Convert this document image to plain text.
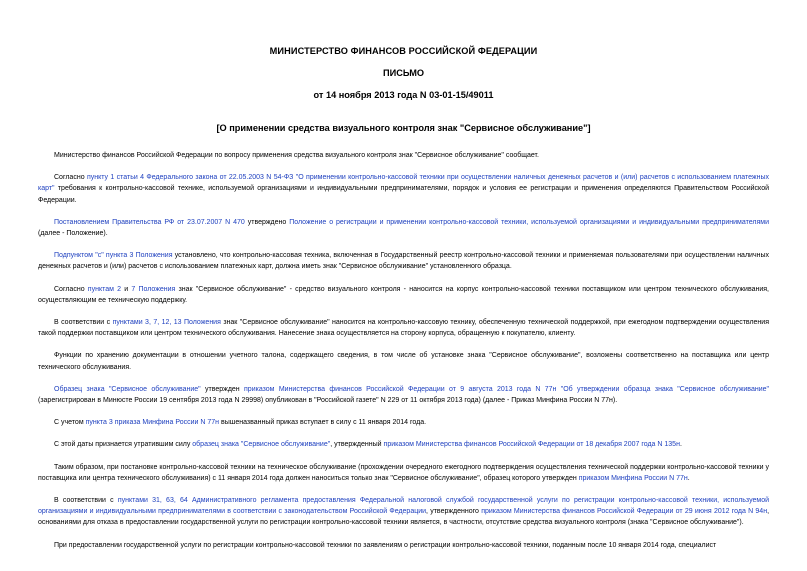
МИНИСТЕРСТВО ФИНАНСОВ РОССИЙСКОЙ ФЕДЕРАЦИИ
ПИСЬМО
от 14 ноября 2013 года N 03-01-15/49011
[О применении средства визуального контроля знак "Сервисное обслуживание"]

Министерство финансов Российской Федерации по вопросу применения средства визуального контроля знак "Сервисное обслуживание" сообщает.

Согласно пункту 1 статьи 4 Федерального закона от 22.05.2003 N 54-ФЗ "О применении контрольно-кассовой техники при осуществлении наличных денежных расчетов и (или) расчетов с использованием платежных карт" требования к контрольно-кассовой технике, используемой организациями и индивидуальными предпринимателями, порядок и условия ее регистрации и применения определяются Правительством Российской Федерации.

Постановлением Правительства РФ от 23.07.2007 N 470 утверждено Положение о регистрации и применении контрольно-кассовой техники, используемой организациями и индивидуальными предпринимателями (далее - Положение).

Подпунктом "с" пункта 3 Положения установлено, что контрольно-кассовая техника, включенная в Государственный реестр контрольно-кассовой техники и применяемая пользователями при осуществлении наличных денежных расчетов и (или) расчетов с использованием платежных карт, должна иметь знак "Сервисное обслуживание" установленного образца.

Согласно пунктам 2 и 7 Положения знак "Сервисное обслуживание" - средство визуального контроля - наносится на корпус контрольно-кассовой техники поставщиком или центром технического обслуживания, осуществляющим ее техническую поддержку.

В соответствии с пунктами 3, 7, 12, 13 Положения знак "Сервисное обслуживание" наносится на контрольно-кассовую технику, обеспеченную технической поддержкой, при ежегодном подтверждении осуществления такой поддержки поставщиком или центром технического обслуживания. Нанесение знака осуществляется на сторону корпуса, обращенную к покупателю, клиенту.

Функции по хранению документации в отношении учетного талона, содержащего сведения, в том числе об установке знака "Сервисное обслуживание", возложены соответственно на поставщика или центр технического обслуживания.

Образец знака "Сервисное обслуживание" утвержден приказом Министерства финансов Российской Федерации от 9 августа 2013 года N 77н "Об утверждении образца знака "Сервисное обслуживание" (зарегистрирован в Минюсте России 19 сентября 2013 года N 29998) опубликован в "Российской газете" N 229 от 11 октября 2013 года) (далее - Приказ Минфина России N 77н).

С учетом пункта 3 приказа Минфина России N 77н вышеназванный приказ вступает в силу с 11 января 2014 года.

С этой даты признается утратившим силу образец знака "Сервисное обслуживание", утвержденный приказом Министерства финансов Российской Федерации от 18 декабря 2007 года N 135н.

Таким образом, при постановке контрольно-кассовой техники на техническое обслуживание (прохождении очередного ежегодного подтверждения осуществления технической поддержки контрольно-кассовой техники у поставщика или центра технического обслуживания) с 11 января 2014 года должен наноситься только знак "Сервисное обслуживание", образец которого утвержден приказом Минфина России N 77н.

В соответствии с пунктами 31, 63, 64 Административного регламента предоставления Федеральной налоговой службой государственной услуги по регистрации контрольно-кассовой техники, используемой организациями и индивидуальными предпринимателями в соответствии с законодательством Российской Федерации, утвержденного приказом Министерства финансов Российской Федерации от 29 июня 2012 года N 94н, основаниями для отказа в предоставлении государственной услуги по регистрации контрольно-кассовой техники является, в частности, отсутствие средства визуального контроля (знака "Сервисное обслуживание").

При предоставлении государственной услуги по регистрации контрольно-кассовой техники по заявлениям о регистрации контрольно-кассовой техники, поданным после 10 января 2014 года, специалист
